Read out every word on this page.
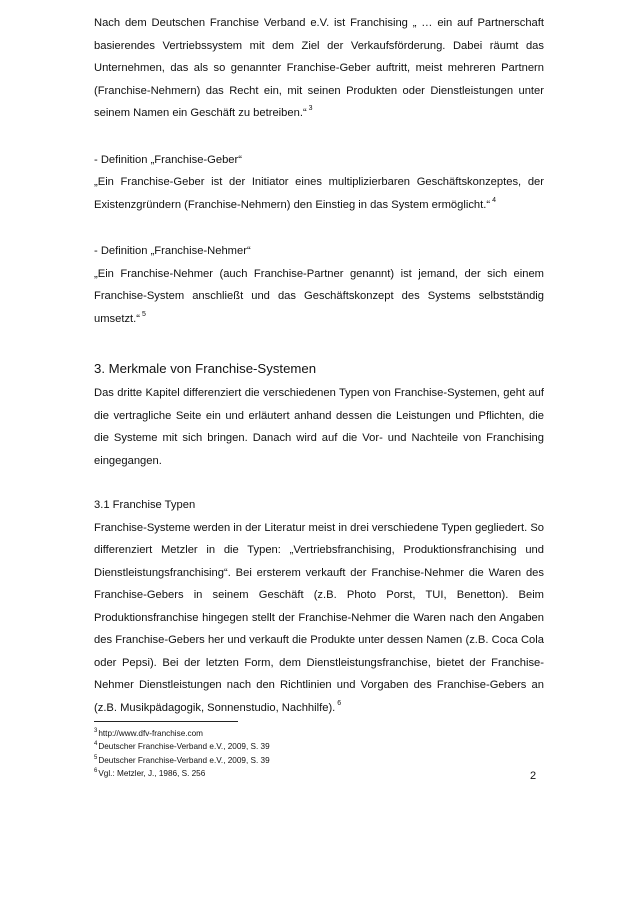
Nach dem Deutschen Franchise Verband e.V. ist Franchising „ … ein auf Partnerschaft basierendes Vertriebssystem mit dem Ziel der Verkaufsförderung. Dabei räumt das Unternehmen, das als so genannter Franchise-Geber auftritt, meist mehreren Partnern (Franchise-Nehmern) das Recht ein, mit seinen Produkten oder Dienstleistungen unter seinem Namen ein Geschäft zu betreiben.“ $^3$

- Definition „Franchise-Geber“

„Ein Franchise-Geber ist der Initiator eines multiplizierbaren Geschäftskonzeptes, der Existenzgründern (Franchise-Nehmern) den Einstieg in das System ermöglicht.“ $^4$

- Definition „Franchise-Nehmer“

„Ein Franchise-Nehmer (auch Franchise-Partner genannt) ist jemand, der sich einem Franchise-System anschließt und das Geschäftskonzept des Systems selbstständig umsetzt.“ $^5$

3. Merkmale von Franchise-Systemen

Das dritte Kapitel differenziert die verschiedenen Typen von Franchise-Systemen, geht auf die vertragliche Seite ein und erläutert anhand dessen die Leistungen und Pflichten, die die Systeme mit sich bringen. Danach wird auf die Vor- und Nachteile von Franchising eingegangen.

3.1 Franchise Typen

Franchise-Systeme werden in der Literatur meist in drei verschiedene Typen gegliedert. So differenziert Metzler in die Typen: „Vertriebsfranchising, Produktionsfranchising und Dienstleistungsfranchising“. Bei ersterem verkauft der Franchise-Nehmer die Waren des Franchise-Gebers in seinem Geschäft (z.B. Photo Porst, TUI, Benetton). Beim Produktionsfranchise hingegen stellt der Franchise-Nehmer die Waren nach den Angaben des Franchise-Gebers her und verkauft die Produkte unter dessen Namen (z.B. Coca Cola oder Pepsi). Bei der letzten Form, dem Dienstleistungsfranchise, bietet der Franchise-Nehmer Dienstleistungen nach den Richtlinien und Vorgaben des Franchise-Gebers an (z.B. Musikpädagogik, Sonnenstudio, Nachhilfe). $^6$

$^3$http://www.dfv-franchise.com
$^4$Deutscher Franchise-Verband e.V., 2009, S. 39
$^5$Deutscher Franchise-Verband e.V., 2009, S. 39
$^6$Vgl.: Metzler, J., 1986, S. 256	2
